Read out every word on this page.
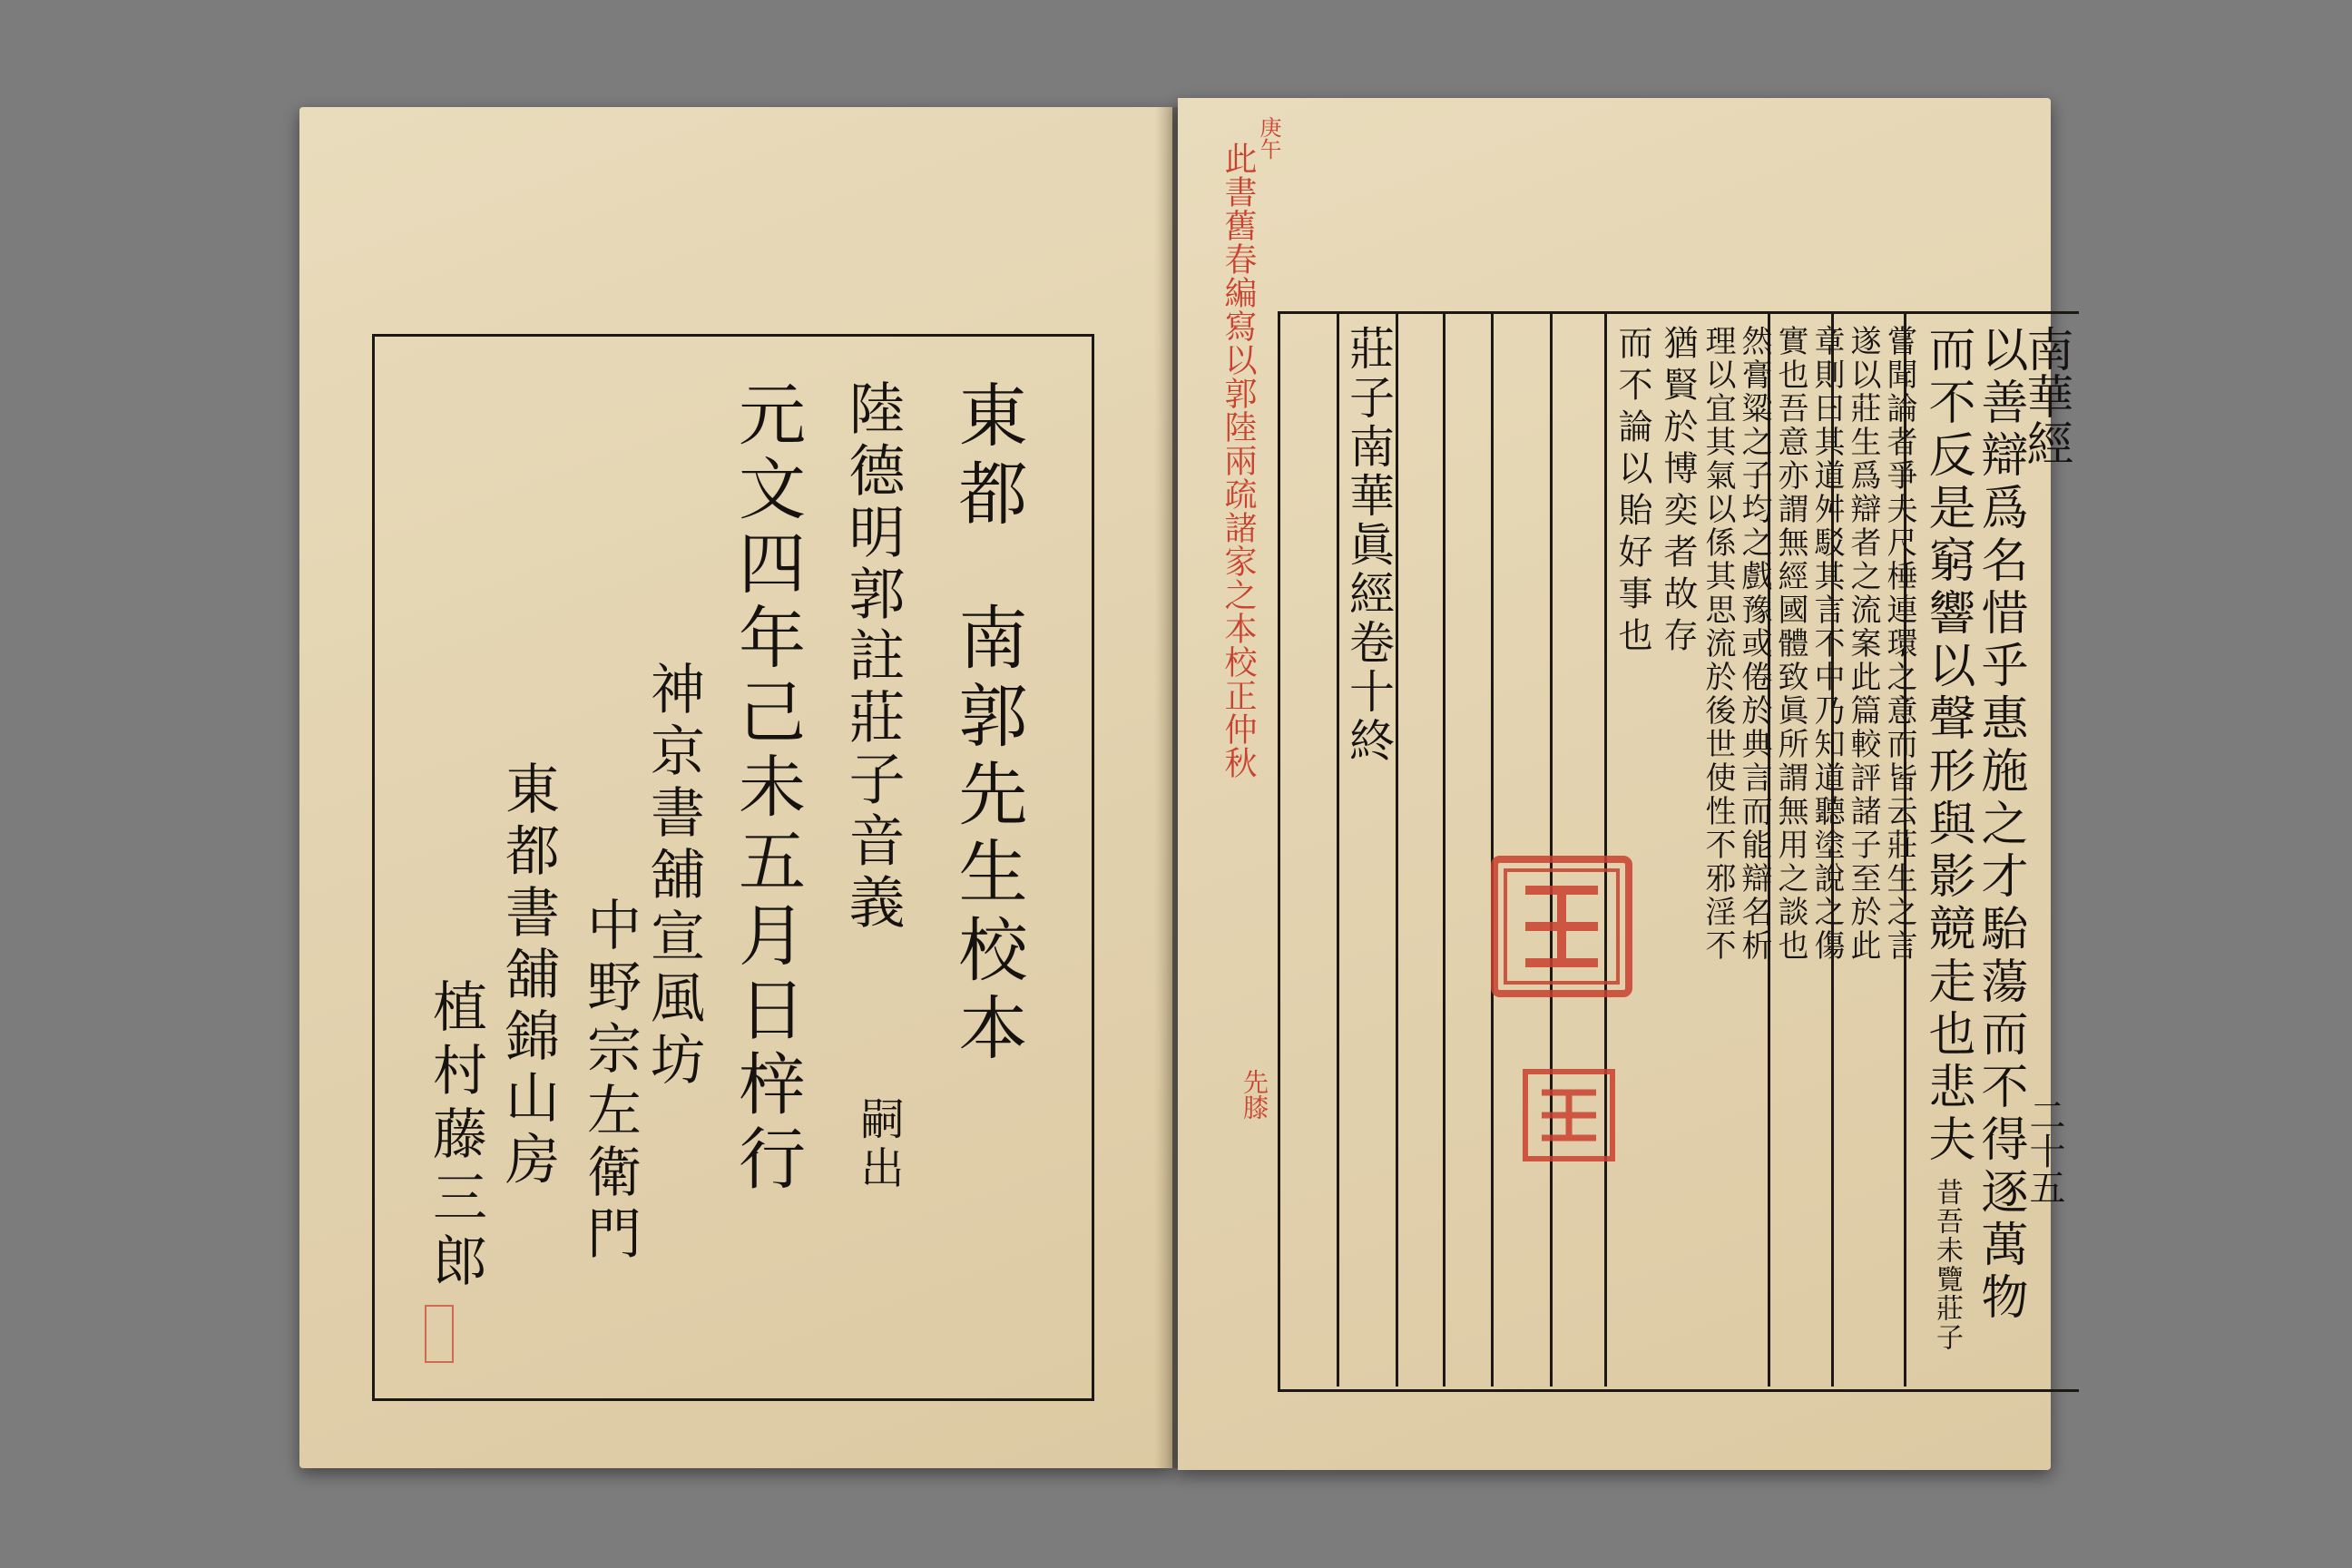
東都
南郭先生校本
陸德明郭註莊子音義
嗣出
元文四年己未五月日梓行
神京書舖宣風坊
中野宗左衛門
東都書舖錦山房
植村藤三郎
庚午
此書舊春編寫以郭陸兩疏諸家之本校正仲秋
先膝
莊子南華眞經卷十終	而不論以貽好事也 猶賢於博奕者故存 理以宜其氣以係其思流於後世使性不邪淫不 然膏粱之子均之戲豫或倦於典言而能辯名析 實也吾意亦謂無經國體致眞所謂無用之談也 章則曰其道舛駁其言不中乃知道聽塗說之傷 遂以莊生爲辯者之流案此篇較評諸子至於此 嘗聞論者爭夫尺棰連環之意而皆云莊生之言 而不反是窮響以聲形與影競走也悲夫
昔吾未覽莊子 以善辯爲名惜乎惠施之才駘蕩而不得逐萬物
南華經
二十五
